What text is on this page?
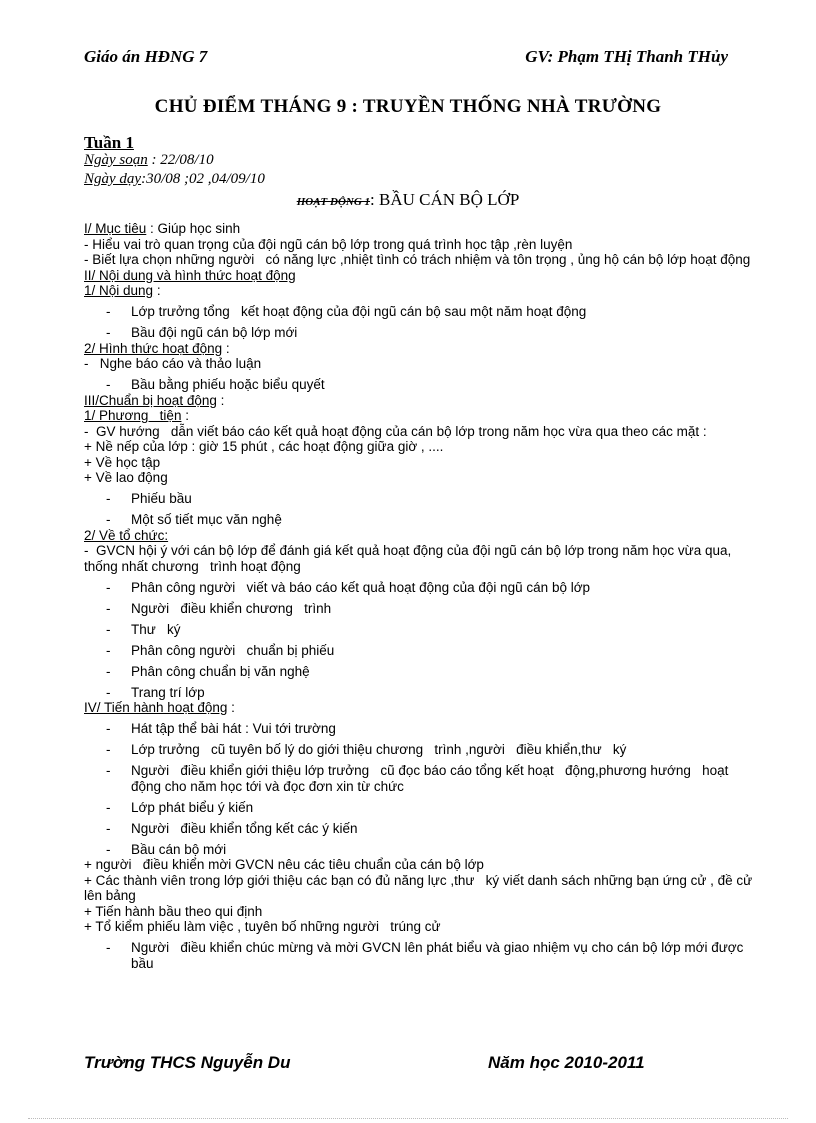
Giáo án HĐNG 7	GV: Phạm THị Thanh THủy
CHỦ ĐIỂM THÁNG 9 : TRUYỀN THỐNG NHÀ TRƯỜNG
Tuần 1
Ngày soạn : 22/08/10
Ngày dạy:30/08 ;02 ,04/09/10
HOẠT ĐỘNG 1: BẦU CÁN BỘ LỚP
I/ Mục tiêu : Giúp học sinh
- Hiểu vai trò quan trọng của đội ngũ cán bộ lớp trong quá trình học tập ,rèn luyện
- Biết lựa chọn những người   có năng lực ,nhiệt tình có trách nhiệm và tôn trọng , ủng hộ cán bộ lớp hoạt động
II/ Nội dung và hình thức hoạt động
1/ Nội dung :
- Lớp trưởng tổng   kết hoạt động của đội ngũ cán bộ sau một năm hoạt động
- Bầu đội ngũ cán bộ lớp mới
2/ Hình thức hoạt động :
-   Nghe báo cáo và thảo luận
- Bầu bằng phiếu hoặc biểu quyết
III/Chuẩn bị hoạt động :
1/ Phương   tiện :
-  GV hướng   dẫn viết báo cáo kết quả hoạt động của cán bộ lớp trong năm học vừa qua theo các mặt :
+ Nề nếp của lớp : giờ 15 phút , các hoạt động giữa giờ , ....
+ Về học tập
+ Về lao động
- Phiếu bầu
- Một số tiết mục văn nghệ
2/ Về tổ chức:
-  GVCN hội ý với cán bộ lớp để đánh giá kết quả hoạt động của đội ngũ cán bộ lớp trong năm học vừa qua, thống nhất chương   trình hoạt động
- Phân công người   viết và báo cáo kết quả hoạt động của đội ngũ cán bộ lớp
- Người   điều khiển chương   trình
- Thư   ký
- Phân công người   chuẩn bị phiếu
- Phân công chuẩn bị văn nghệ
- Trang trí lớp
IV/ Tiến hành hoạt động :
- Hát tập thể bài hát : Vui tới trường
- Lớp trưởng   cũ tuyên bố lý do giới thiệu chương   trình ,người   điều khiển,thư   ký
- Người   điều khiển giới thiệu lớp trưởng   cũ đọc báo cáo tổng kết hoạt   động,phương hướng   hoạt động cho năm học tới và đọc đơn xin từ chức
- Lớp phát biểu ý kiến
- Người   điều khiển tổng kết các ý kiến
- Bầu cán bộ mới
+ người   điều khiển mời GVCN nêu các tiêu chuẩn của cán bộ lớp
+ Các thành viên trong lớp giới thiệu các bạn có đủ năng lực ,thư   ký viết danh sách những bạn ứng cử , đề cử lên bảng
+ Tiến hành bầu theo qui định
+ Tổ kiểm phiếu làm việc , tuyên bố những người   trúng cử
- Người   điều khiển chúc mừng và mời GVCN lên phát biểu và giao nhiệm vụ cho cán bộ lớp mới được   bầu
Trường THCS Nguyễn Du	Năm học 2010-2011
